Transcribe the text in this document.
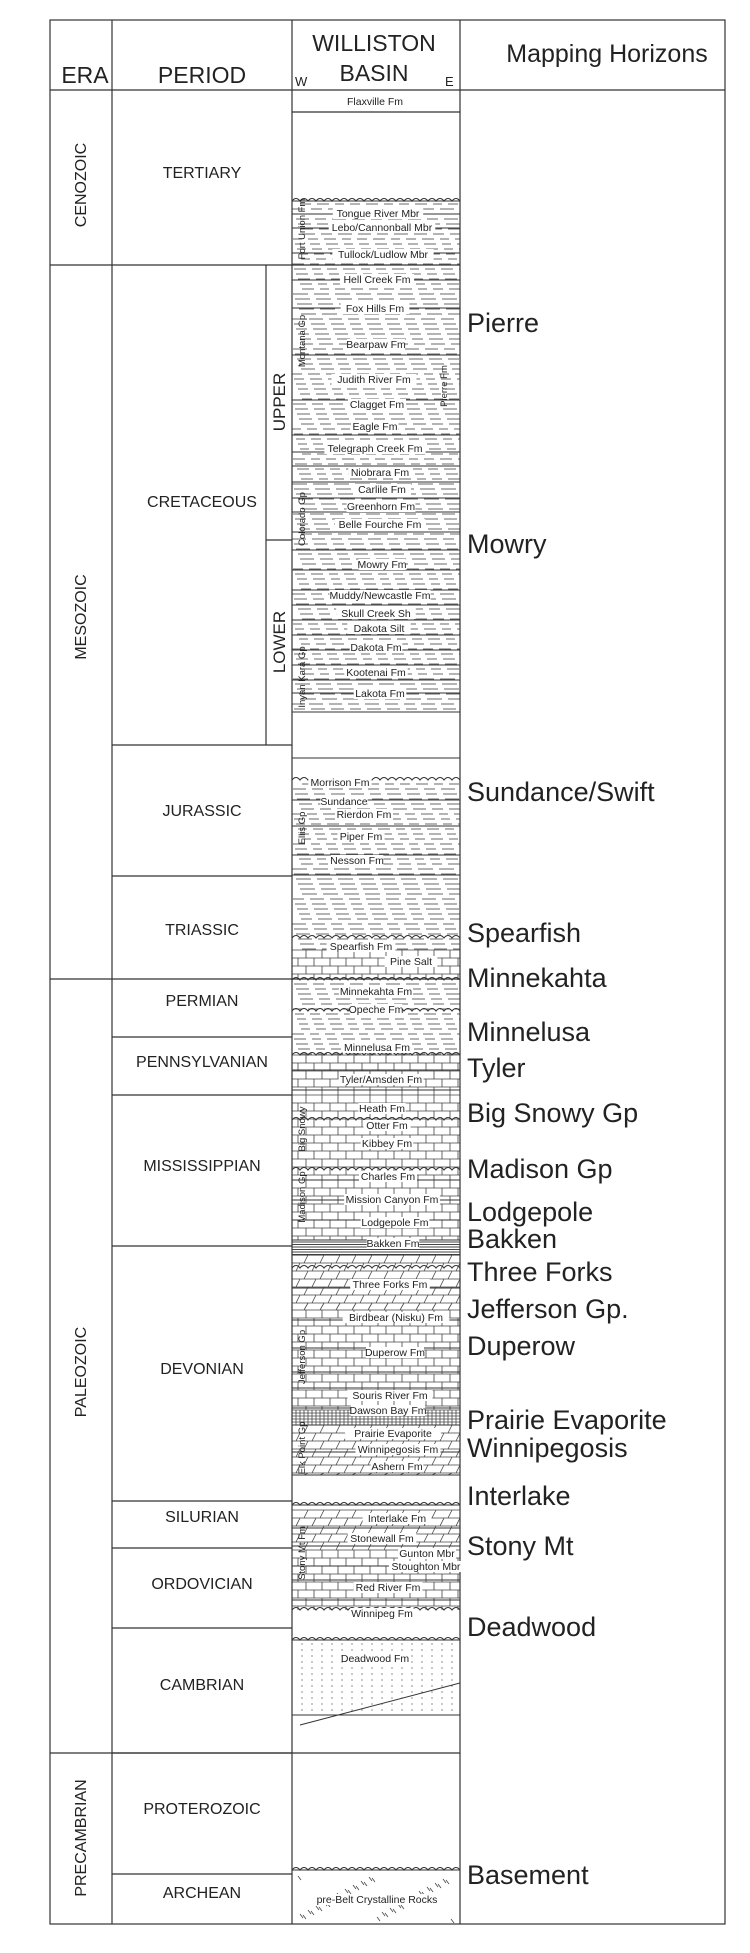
ERA PERIOD
WILLISTON
BASIN
W	E
Mapping Horizons
CENOZOIC
MESOZOIC
PALEOZOIC
PRECAMBRIAN
TERTIARY
CRETACEOUS
JURASSIC
TRIASSIC
PERMIAN
PENNSYLVANIAN
MISSISSIPPIAN
DEVONIAN
SILURIAN
ORDOVICIAN
CAMBRIAN
PROTEROZOIC
ARCHEAN
UPPER
LOWER
Fort Union Fm
Montana Gp
Pierre Fm
Colorado Gp
Inyan Kara Gp
Ellis Gp
Big Snowy
Madison Gp
Jefferson Gp
Elk Point Gp
Stony Mt Fm
Flaxville Fm
Tongue River Mbr
Lebo/Cannonball Mbr
Tullock/Ludlow Mbr
Hell Creek Fm
Fox Hills Fm
Bearpaw Fm
Judith River Fm
Clagget Fm
Eagle Fm
Telegraph Creek Fm
Niobrara Fm
Carlile Fm
Greenhorn Fm
Belle Fourche Fm
Mowry Fm
Muddy/Newcastle Fm
Skull Creek Sh
Dakota Silt
Dakota Fm
Kootenai Fm
Lakota Fm
Morrison Fm
Sundance
Rierdon Fm
Piper Fm
Nesson Fm
Spearfish Fm
Pine Salt
Minnekahta Fm
Opeche Fm
Minnelusa Fm
Tyler/Amsden Fm
Heath Fm
Otter Fm
Kibbey Fm
Charles Fm
Mission Canyon Fm
Lodgepole Fm
Bakken Fm
Three Forks Fm
Birdbear (Nisku) Fm
Duperow Fm
Souris River Fm
Dawson Bay Fm
Prairie Evaporite
Winnipegosis Fm
Ashern Fm
Interlake Fm
Stonewall Fm
Gunton Mbr
Stoughton Mbr
Red River Fm
Winnipeg Fm
Deadwood Fm
pre-Belt Crystalline Rocks
Pierre
Mowry
Sundance/Swift
Spearfish
Minnekahta
Minnelusa
Tyler
Big Snowy Gp
Madison Gp
Lodgepole
Bakken
Three Forks
Jefferson Gp.
Duperow
Prairie Evaporite
Winnipegosis
Interlake
Stony Mt
Deadwood
Basement
